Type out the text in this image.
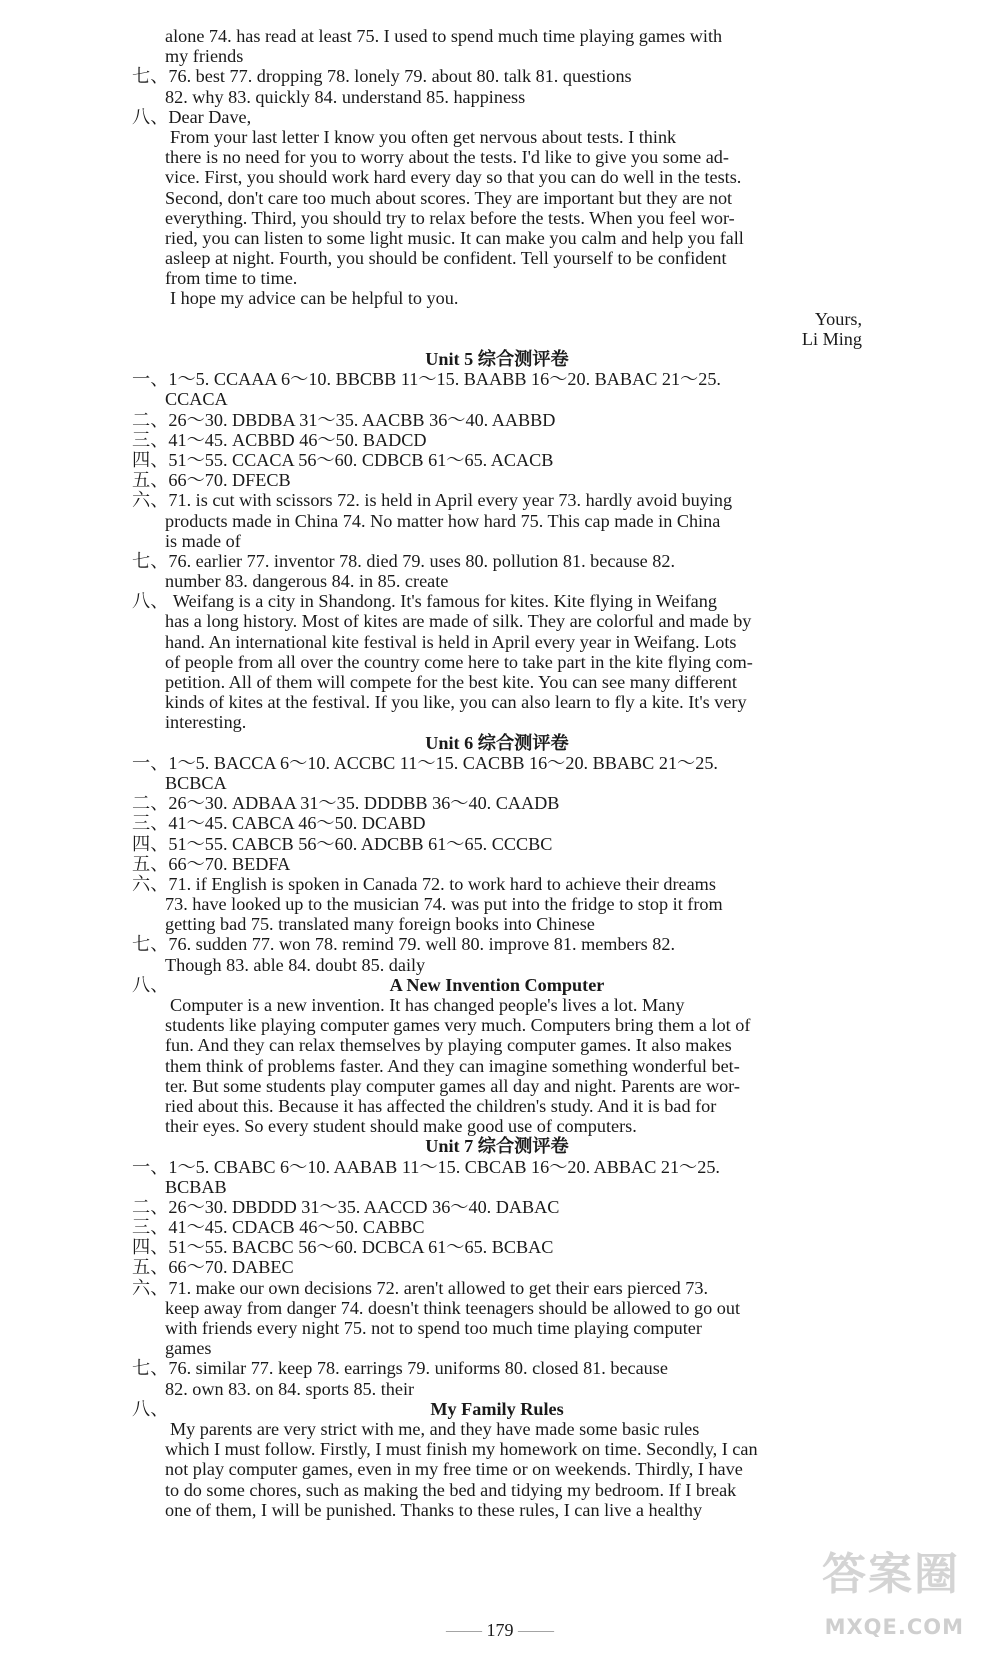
alone 74. has read at least 75. I used to spend much time playing games with
my friends
七、76. best 77. dropping 78. lonely 79. about 80. talk 81. questions
82. why 83. quickly 84. understand 85. happiness
八、Dear Dave,
From your last letter I know you often get nervous about tests. I think
there is no need for you to worry about the tests. I'd like to give you some ad-
vice. First, you should work hard every day so that you can do well in the tests.
Second, don't care too much about scores. They are important but they are not
everything. Third, you should try to relax before the tests. When you feel wor-
ried, you can listen to some light music. It can make you calm and help you fall
asleep at night. Fourth, you should be confident. Tell yourself to be confident
from time to time.
I hope my advice can be helpful to you.
Yours,
Li Ming
Unit 5 综合测评卷
一、1～5. CCAAA 6～10. BBCBB 11～15. BAABB 16～20. BABAC 21～25.
CCACA
二、26～30. DBDBA 31～35. AACBB 36～40. AABBD
三、41～45. ACBBD 46～50. BADCD
四、51～55. CCACA 56～60. CDBCB 61～65. ACACB
五、66～70. DFECB
六、71. is cut with scissors 72. is held in April every year 73. hardly avoid buying
products made in China 74. No matter how hard 75. This cap made in China
is made of
七、76. earlier 77. inventor 78. died 79. uses 80. pollution 81. because 82.
number 83. dangerous 84. in 85. create
八、 Weifang is a city in Shandong. It's famous for kites. Kite flying in Weifang
has a long history. Most of kites are made of silk. They are colorful and made by
hand. An international kite festival is held in April every year in Weifang. Lots
of people from all over the country come here to take part in the kite flying com-
petition. All of them will compete for the best kite. You can see many different
kinds of kites at the festival. If you like, you can also learn to fly a kite. It's very
interesting.
Unit 6 综合测评卷
一、1～5. BACCA 6～10. ACCBC 11～15. CACBB 16～20. BBABC 21～25.
BCBCA
二、26～30. ADBAA 31～35. DDDBB 36～40. CAADB
三、41～45. CABCA 46～50. DCABD
四、51～55. CABCB 56～60. ADCBB 61～65. CCCBC
五、66～70. BEDFA
六、71. if English is spoken in Canada 72. to work hard to achieve their dreams
73. have looked up to the musician 74. was put into the fridge to stop it from
getting bad 75. translated many foreign books into Chinese
七、76. sudden 77. won 78. remind 79. well 80. improve 81. members 82.
Though 83. able 84. doubt 85. daily
八、	A New Invention Computer
Computer is a new invention. It has changed people's lives a lot. Many
students like playing computer games very much. Computers bring them a lot of
fun. And they can relax themselves by playing computer games. It also makes
them think of problems faster. And they can imagine something wonderful bet-
ter. But some students play computer games all day and night. Parents are wor-
ried about this. Because it has affected the children's study. And it is bad for
their eyes. So every student should make good use of computers.
Unit 7 综合测评卷
一、1～5. CBABC 6～10. AABAB 11～15. CBCAB 16～20. ABBAC 21～25.
BCBAB
二、26～30. DBDDD 31～35. AACCD 36～40. DABAC
三、41～45. CDACB 46～50. CABBC
四、51～55. BACBC 56～60. DCBCA 61～65. BCBAC
五、66～70. DABEC
六、71. make our own decisions 72. aren't allowed to get their ears pierced 73.
keep away from danger 74. doesn't think teenagers should be allowed to go out
with friends every night 75. not to spend too much time playing computer
games
七、76. similar 77. keep 78. earrings 79. uniforms 80. closed 81. because
82. own 83. on 84. sports 85. their
八、	My Family Rules
My parents are very strict with me, and they have made some basic rules
which I must follow. Firstly, I must finish my homework on time. Secondly, I can
not play computer games, even in my free time or on weekends. Thirdly, I have
to do some chores, such as making the bed and tidying my bedroom. If I break
one of them, I will be punished. Thanks to these rules, I can live a healthy
—— 179 ——
答案圈
MXQE.COM
